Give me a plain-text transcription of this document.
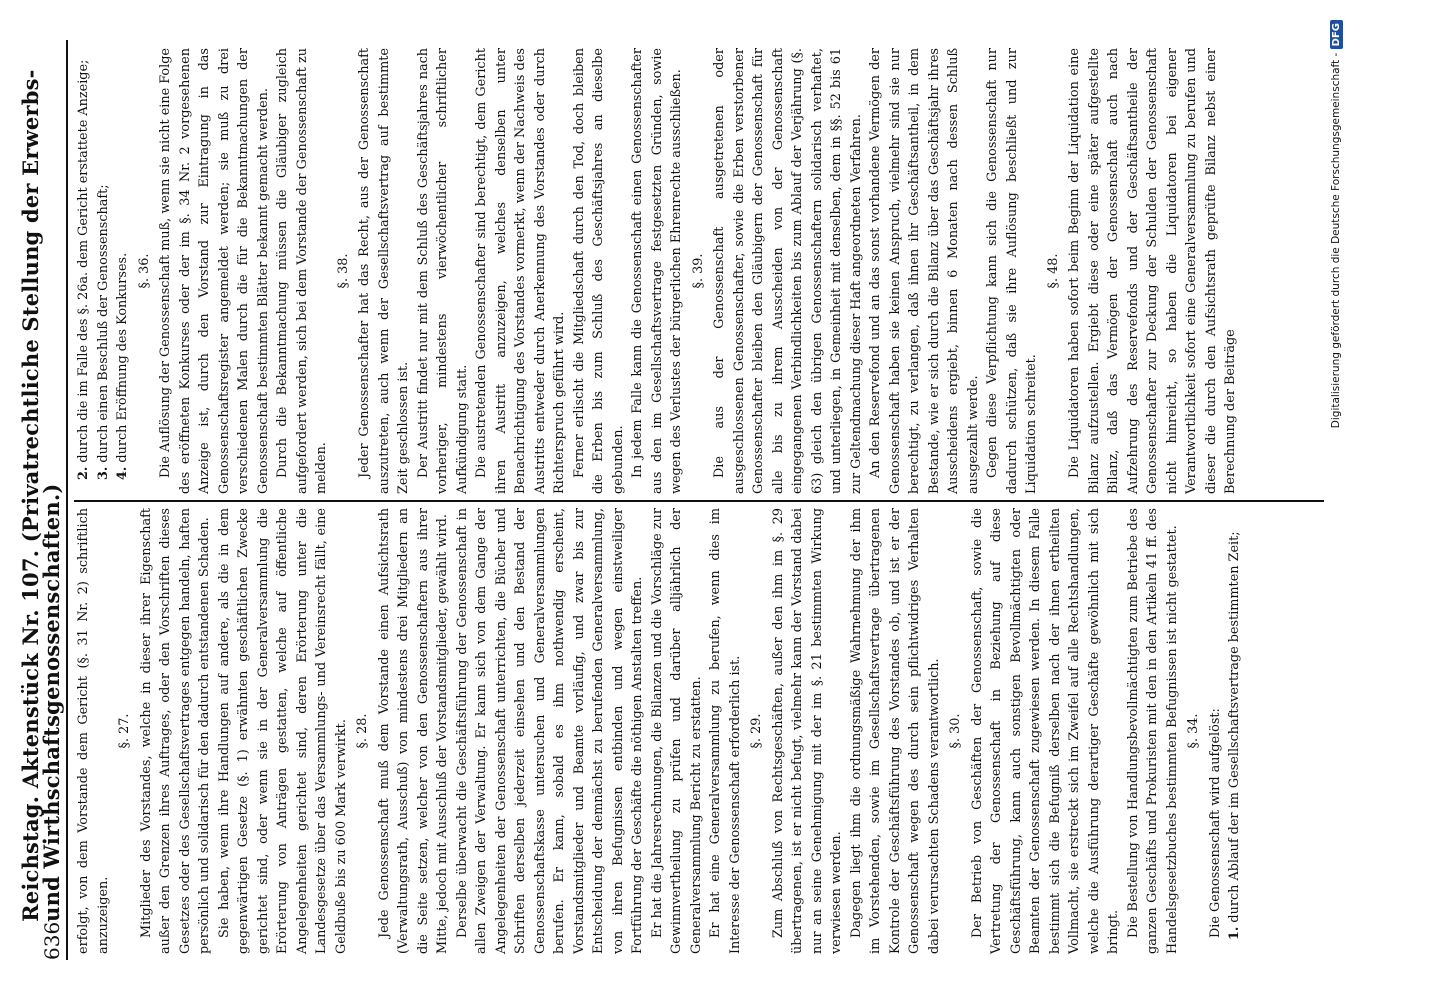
636
Reichstag. Aktenstück Nr. 107. (Privatrechtliche Stellung der Erwerbs- und Wirthschaftsgenossenschaften.) erfolgt, von dem Vorstande dem Gericht (§. 31 Nr. 2) schriftlich anzuzeigen.

§. 27. Mitglieder des Vorstandes, welche in dieser ihrer Eigenschaft außer den Grenzen ihres Auftrages, oder den Vorschriften dieses Gesetzes oder des Gesellschaftsvertrages entgegen handeln, haften persönlich und solidarisch für den dadurch entstandenen Schaden. Sie haben, wenn ihre Handlungen auf andere, als die in dem gegenwärtigen Gesetze (§. 1) erwähnten geschäftlichen Zwecke gerichtet sind, oder wenn sie in der Generalversammlung die Erörterung von Anträgen gestatten, welche auf öffentliche Angelegenheiten gerichtet sind, deren Erörterung unter die Landesgesetze über das Versammlungs- und Vereinsrecht fällt, eine Geldbuße bis zu 600 Mark verwirkt. §. 28. Jede Genossenschaft muß dem Vorstande einen Aufsichtsrath (Verwaltungsrath, Ausschuß) von mindestens drei Mitgliedern an die Seite setzen, welcher von den Genossenschaftern aus ihrer Mitte, jedoch mit Ausschluß der Vorstandsmitglieder, gewählt wird. Derselbe überwacht die Geschäftsführung der Genossenschaft in allen Zweigen der Verwaltung. Er kann sich von dem Gange der Angelegenheiten der Genossenschaft unterrichten, die Bücher und Schriften derselben jederzeit einsehen und den Bestand der Genossenschaftskasse untersuchen und Generalversammlungen berufen. Er kann, sobald es ihm nothwendig erscheint, Vorstandsmitglieder und Beamte vorläufig, und zwar bis zur Entscheidung der demnächst zu berufenden Generalversammlung, von ihren Befugnissen entbinden und wegen einstweiliger Fortführung der Geschäfte die nöthigen Anstalten treffen. Er hat die Jahresrechnungen, die Bilanzen und die Vorschläge zur Gewinnvertheilung zu prüfen und darüber alljährlich der Generalversammlung Bericht zu erstatten. Er hat eine Generalversammlung zu berufen, wenn dies im Interesse der Genossenschaft erforderlich ist. §. 29. Zum Abschluß von Rechtsgeschäften, außer den ihm im §. 29 übertragenen, ist er nicht befugt, vielmehr kann der Vorstand dabei nur an seine Genehmigung mit der im §. 21 bestimmten Wirkung verwiesen werden. Dagegen liegt ihm die ordnungsmäßige Wahrnehmung der ihm im Vorstehenden, sowie im Gesellschaftsvertrage übertragenen Kontrole der Geschäftsführung des Vorstandes ob, und ist er der Genossenschaft wegen des durch sein pflichtwidriges Verhalten dabei verursachten Schadens verantwortlich. §. 30. Der Betrieb von Geschäften der Genossenschaft, sowie die Vertretung der Genossenschaft in Beziehung auf diese Geschäftsführung, kann auch sonstigen Bevollmächtigten oder Beamten der Genossenschaft zugewiesen werden. In diesem Falle bestimmt sich die Befugniß derselben nach der ihnen ertheilten Vollmacht, sie erstreckt sich im Zweifel auf alle Rechtshandlungen, welche die Ausführung derartiger Geschäfte gewöhnlich mit sich bringt. Die Bestellung von Handlungsbevollmächtigten zum Betriebe des ganzen Geschäfts und Prokuristen mit den in den Artikeln 41 ff. des Handelsgesetzbuches bestimmten Befugnissen ist nicht gestattet. §. 34. Die Genossenschaft wird aufgelöst: 1. durch Ablauf der im Gesellschaftsvertrage bestimmten Zeit;

2. durch die im Falle des §. 26a. dem Gericht erstattete Anzeige;

3. durch einen Beschluß der Genossenschaft;

4. durch Eröffnung des Konkurses. §. 36. Die Auflösung der Genossenschaft muß, wenn sie nicht eine Folge des eröffneten Konkurses oder der im §. 34 Nr. 2 vorgesehenen Anzeige ist, durch den Vorstand zur Eintragung in das Genossenschaftsregister angemeldet werden; sie muß zu drei verschiedenen Malen durch die für die Bekanntmachungen der Genossenschaft bestimmten Blätter bekannt gemacht werden. Durch die Bekanntmachung müssen die Gläubiger zugleich aufgefordert werden, sich bei dem Vorstande der Genossenschaft zu melden.

§. 38. Jeder Genossenschafter hat das Recht, aus der Genossenschaft auszutreten, auch wenn der Gesellschaftsvertrag auf bestimmte Zeit geschlossen ist. Der Austritt findet nur mit dem Schluß des Geschäftsjahres nach vorheriger, mindestens vierwöchentlicher schriftlicher Aufkündigung statt. Die austretenden Genossenschafter sind berechtigt, dem Gericht ihren Austritt anzuzeigen, welches denselben unter Benachrichtigung des Vorstandes vormerkt, wenn der Nachweis des Austritts entweder durch Anerkennung des Vorstandes oder durch Richterspruch geführt wird. Ferner erlischt die Mitgliedschaft durch den Tod, doch bleiben die Erben bis zum Schluß des Geschäftsjahres an dieselbe gebunden. In jedem Falle kann die Genossenschaft einen Genossenschafter aus den im Gesellschaftsvertrage festgesetzten Gründen, sowie wegen des Verlustes der bürgerlichen Ehrenrechte ausschließen. §. 39. Die aus der Genossenschaft ausgetretenen oder ausgeschlossenen Genossenschafter, sowie die Erben verstorbener Genossenschafter bleiben den Gläubigern der Genossenschaft für alle bis zu ihrem Ausscheiden von der Genossenschaft eingegangenen Verbindlichkeiten bis zum Ablauf der Verjährung (§. 63) gleich den übrigen Genossenschaftern solidarisch verhaftet, und unterliegen, in Gemeinheit mit denselben, dem in §§. 52 bis 61 zur Geltendmachung dieser Haft angeordneten Verfahren. An den Reservefond und an das sonst vorhandene Vermögen der Genossenschaft haben sie keinen Anspruch, vielmehr sind sie nur berechtigt, zu verlangen, daß ihnen ihr Geschäftsantheil, in dem Bestande, wie er sich durch die Bilanz über das Geschäftsjahr ihres Ausscheidens ergiebt, binnen 6 Monaten nach dessen Schluß ausgezahlt werde. Gegen diese Verpflichtung kann sich die Genossenschaft nur dadurch schützen, daß sie ihre Auflösung beschließt und zur Liquidation schreitet.

§. 48. Die Liquidatoren haben sofort beim Beginn der Liquidation eine Bilanz aufzustellen. Ergiebt diese oder eine später aufgestellte Bilanz, daß das Vermögen der Genossenschaft auch nach Aufzehrung des Reservefonds und der Geschäftsantheile der Genossenschafter zur Deckung der Schulden der Genossenschaft nicht hinreicht, so haben die Liquidatoren bei eigener Verantwortlichkeit sofort eine Generalversammlung zu berufen und dieser die durch den Aufsichtsrath geprüfte Bilanz nebst einer Berechnung der Beiträge	Digitalisierung gefördert durch die Deutsche Forschungsgemeinschaft - DFG
